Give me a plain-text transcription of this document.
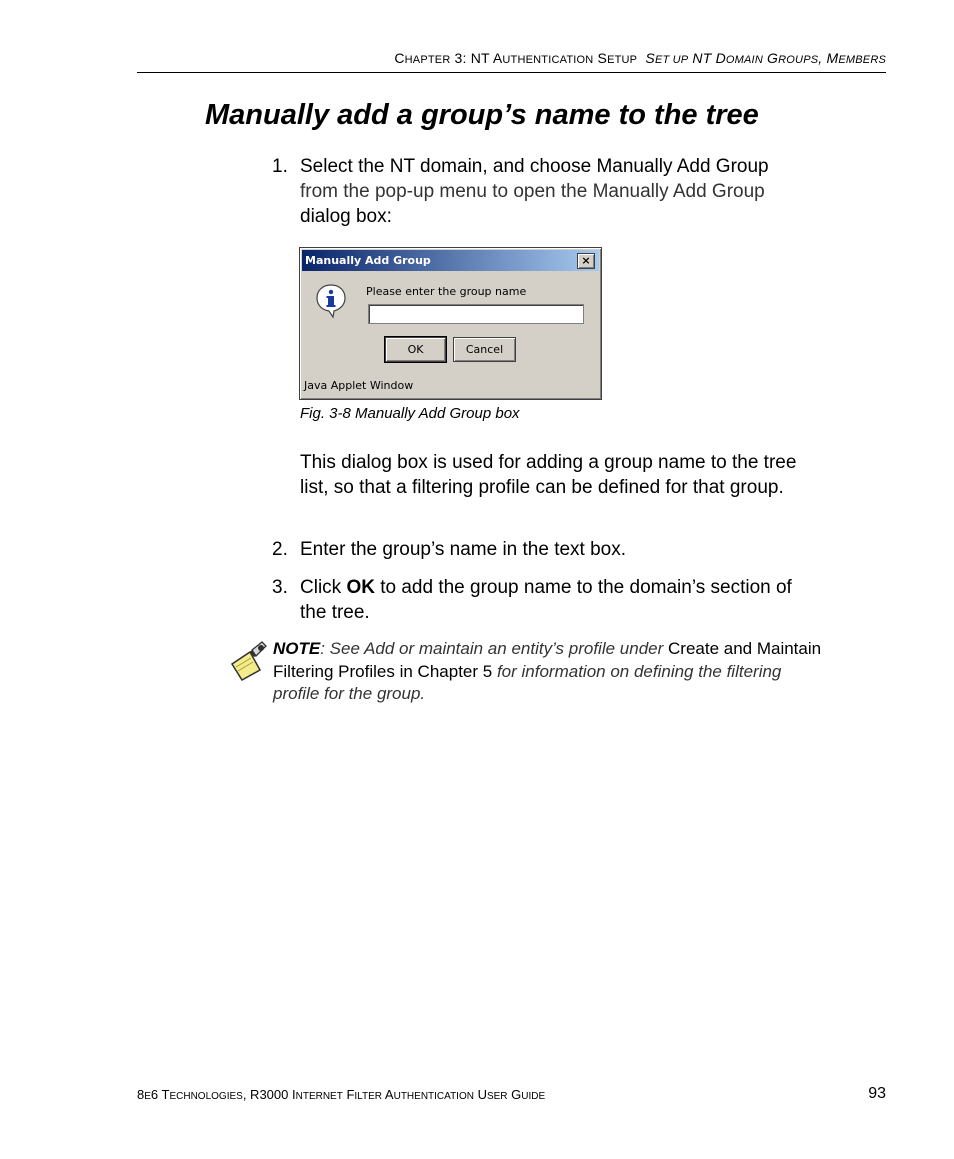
CHAPTER 3: NT AUTHENTICATION SETUP SET UP NT DOMAIN GROUPS, MEMBERS
Manually add a group’s name to the tree
1. Select the NT domain, and choose Manually Add Group
from the pop-up menu to open the Manually Add Group
dialog box:
Manually Add Group	×
Please enter the group name
OK	Cancel
Java Applet Window
Fig. 3-8 Manually Add Group box
This dialog box is used for adding a group name to the tree list, so that a filtering profile can be defined for that group.
2. Enter the group’s name in the text box.
3. Click OK to add the group name to the domain’s section of the tree.
NOTE: See Add or maintain an entity’s profile under Create and Maintain Filtering Profiles in Chapter 5 for information on defining the filtering profile for the group.
8E6 TECHNOLOGIES, R3000 INTERNET FILTER AUTHENTICATION USER GUIDE	93
